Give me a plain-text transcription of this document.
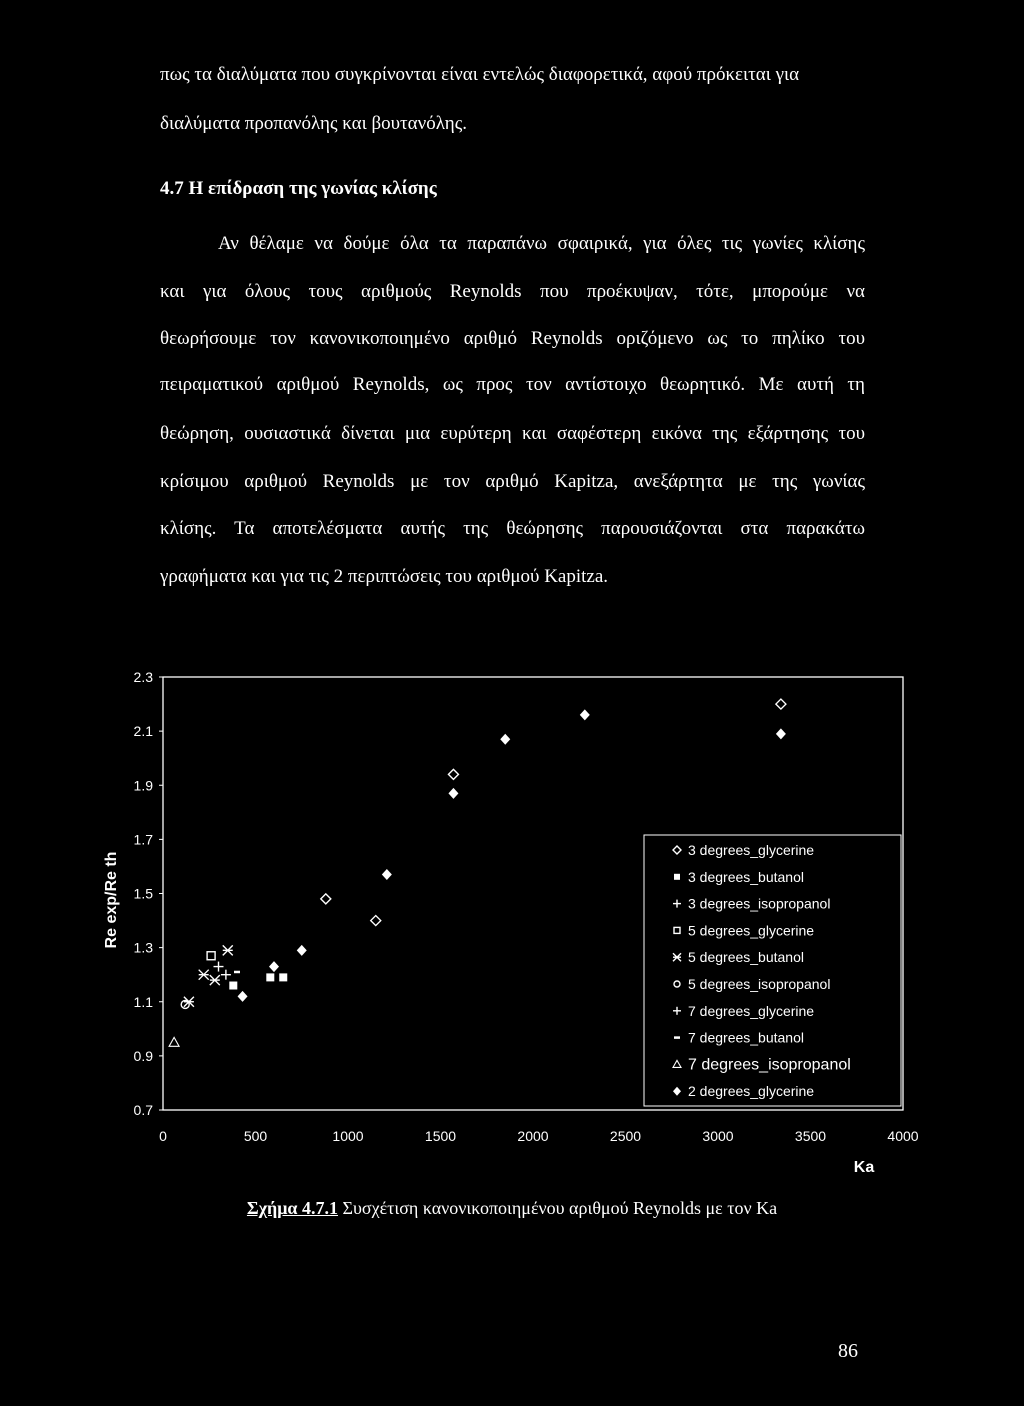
πως τα διαλύματα που συγκρίνονται είναι εντελώς διαφορετικά, αφού πρόκειται για
διαλύματα προπανόλης και βουτανόλης.
4.7 Η επίδραση της γωνίας κλίσης
Αν θέλαμε να δούμε όλα τα παραπάνω σφαιρικά, για όλες τις γωνίες κλίσης
και για όλους τους αριθμούς Reynolds που προέκυψαν, τότε, μπορούμε να
θεωρήσουμε τον κανονικοποιημένο αριθμό Reynolds οριζόμενο ως το πηλίκο του
πειραματικού αριθμού Reynolds, ως προς τον αντίστοιχο θεωρητικό. Με αυτή τη
θεώρηση, ουσιαστικά δίνεται μια ευρύτερη και σαφέστερη εικόνα της εξάρτησης του
κρίσιμου αριθμού Reynolds με τον αριθμό Kapitza, ανεξάρτητα με της γωνίας
κλίσης. Τα αποτελέσματα αυτής της θεώρησης παρουσιάζονται στα παρακάτω
γραφήματα και για τις 2 περιπτώσεις του αριθμού Kapitza.
0.7
0.9
1.1
1.3
1.5
1.7
1.9
2.1
2.3
0	500	1000	1500	2000	2500	3000	3500	4000
Re exp/Re th
Ka
3 degrees_glycerine
3 degrees_butanol
3 degrees_isopropanol
5 degrees_glycerine
5 degrees_butanol
5 degrees_isopropanol
7 degrees_glycerine
7 degrees_butanol
7 degrees_isopropanol
2 degrees_glycerine
Σχήμα 4.7.1 Συσχέτιση κανονικοποιημένου αριθμού Reynolds με τον Ka
86
